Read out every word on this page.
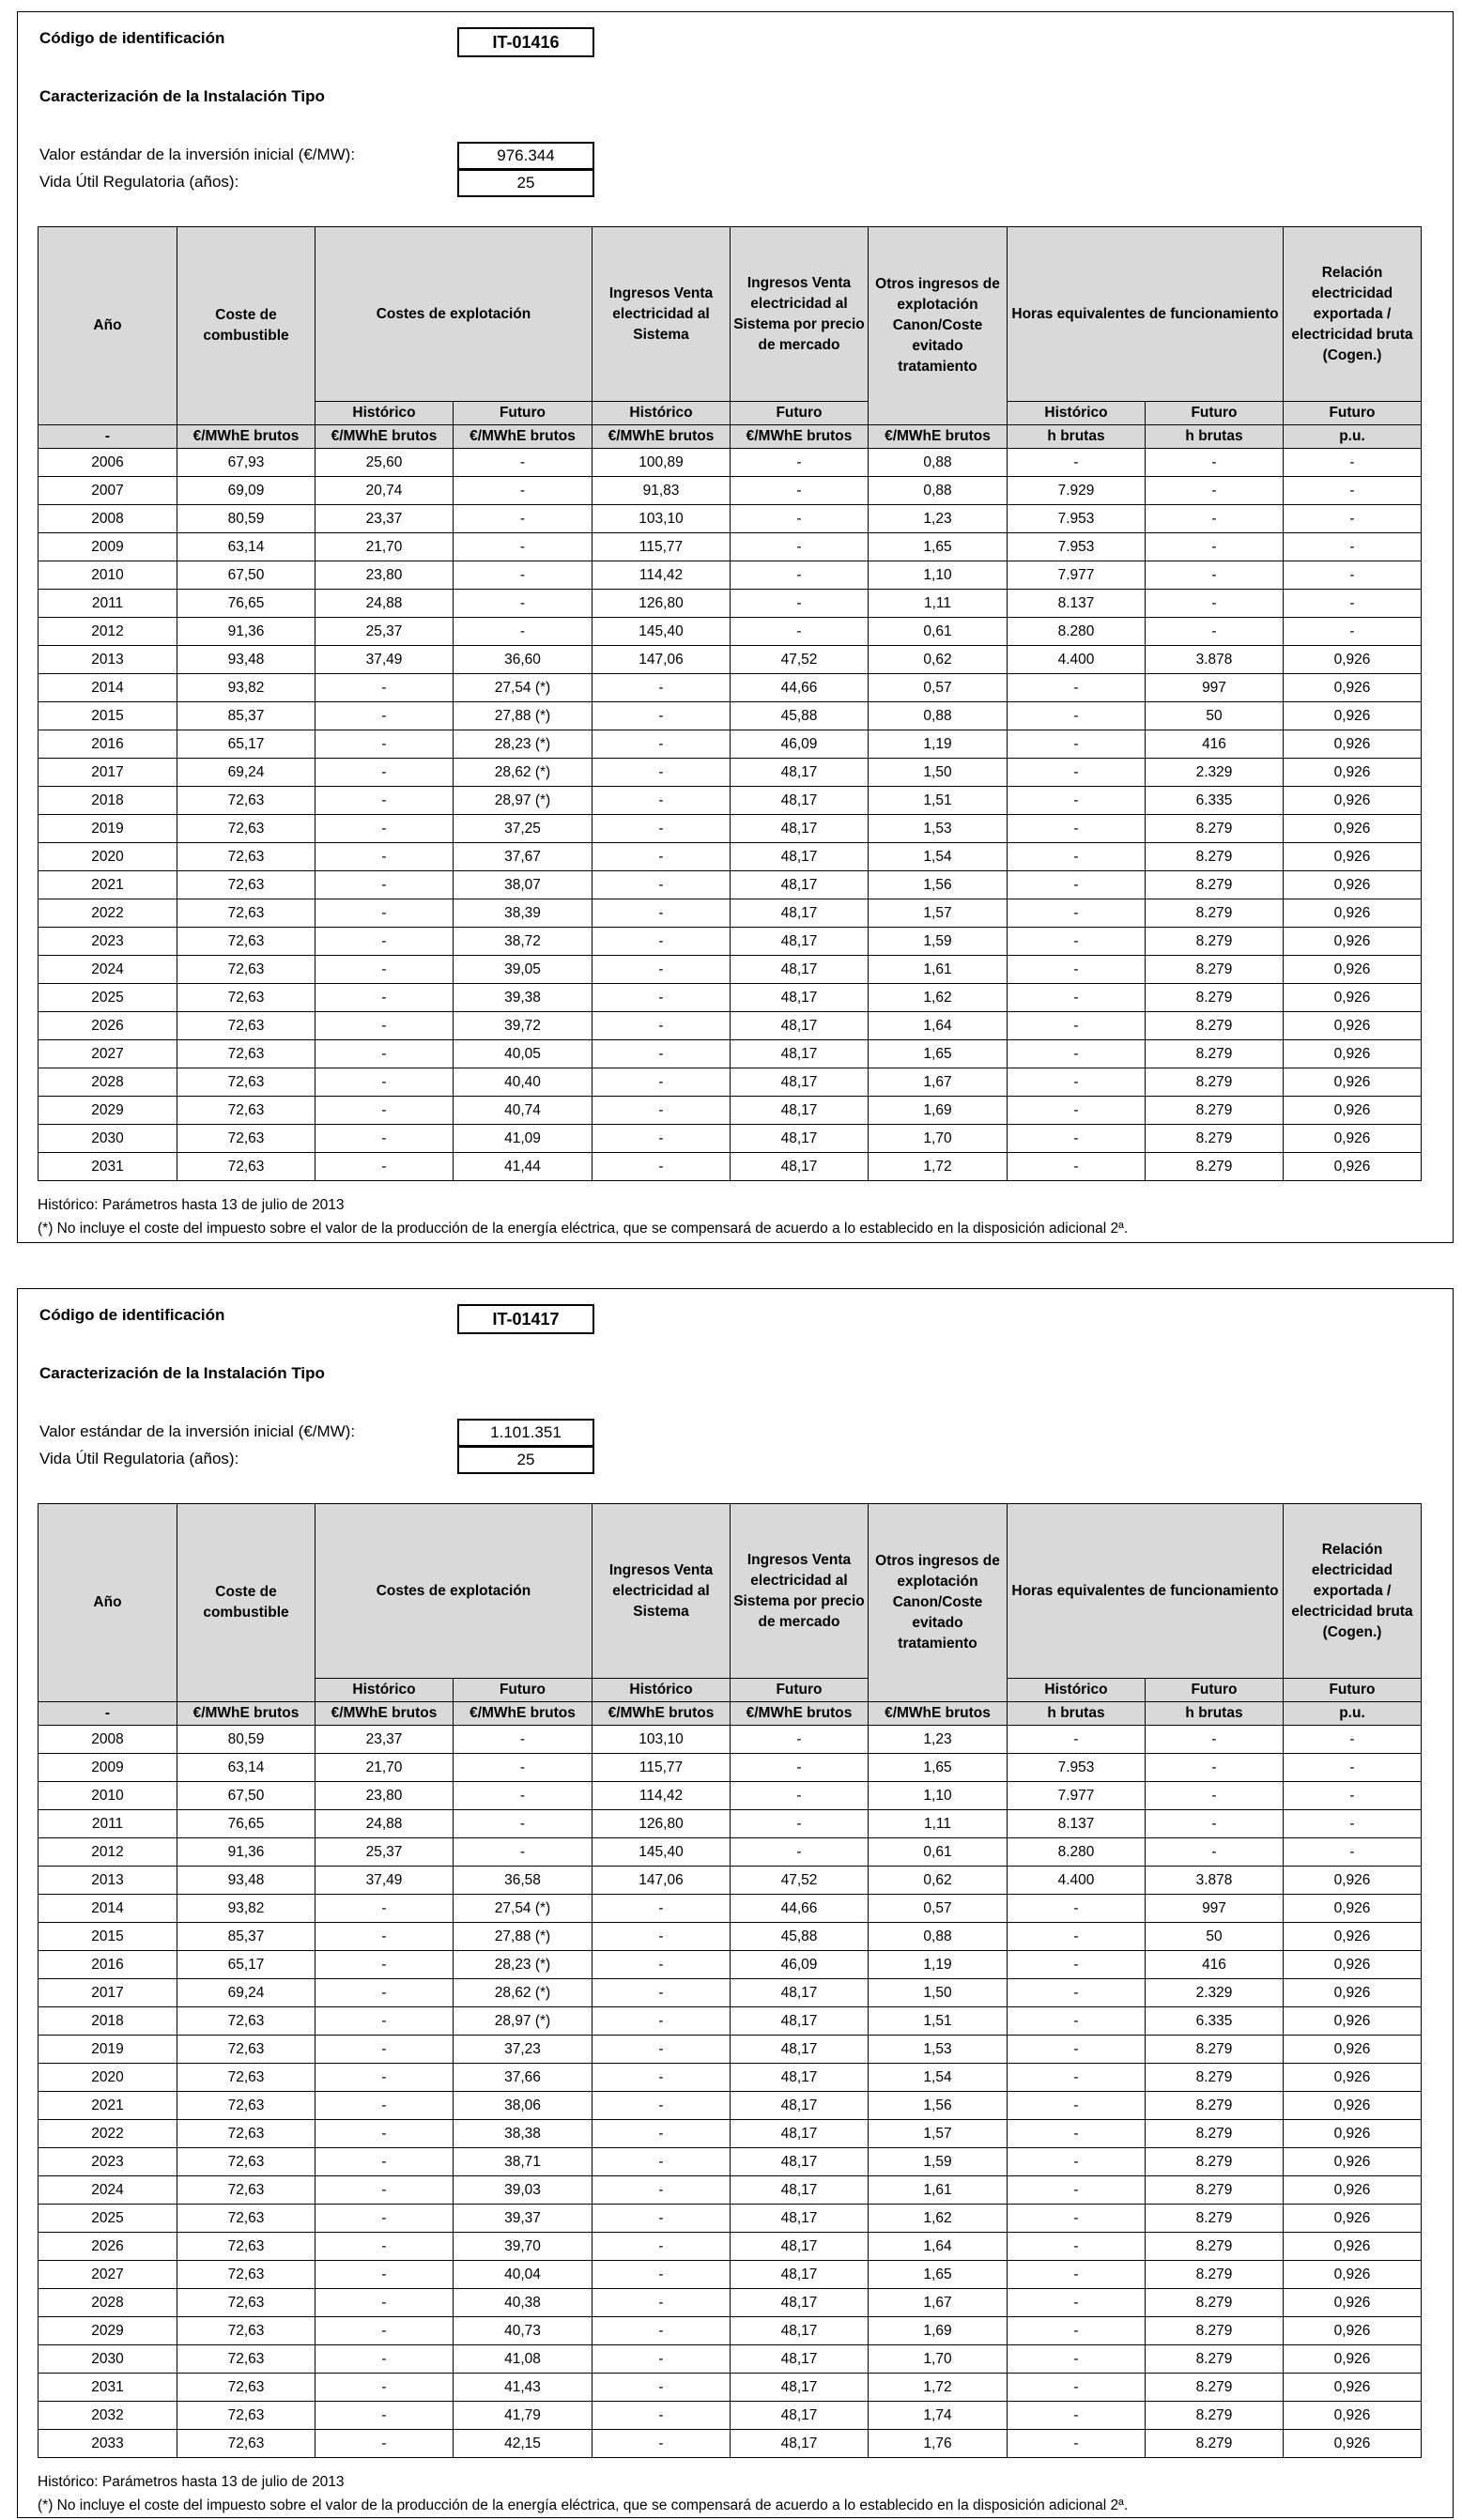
Código de identificación	IT-01416
Caracterización de la Instalación Tipo
Valor estándar de la inversión inicial (€/MW):	976.344
Vida Útil Regulatoria (años):	25
Año	Coste de combustible	Costes de explotación		Ingresos Venta electricidad al Sistema	Ingresos Venta electricidad al Sistema por precio de mercado	Otros ingresos de explotación Canon/Coste evitado tratamiento	Horas equivalentes de funcionamiento		Relación electricidad exportada / electricidad bruta (Cogen.)
		Histórico	Futuro	Histórico	Futuro		Histórico	Futuro	Futuro
-	€/MWhE brutos	€/MWhE brutos	€/MWhE brutos	€/MWhE brutos	€/MWhE brutos	€/MWhE brutos	h brutas	h brutas	p.u.
2006	67,93	25,60	-	100,89	-	0,88	-	-	-
2007	69,09	20,74	-	91,83	-	0,88	7.929	-	-
2008	80,59	23,37	-	103,10	-	1,23	7.953	-	-
2009	63,14	21,70	-	115,77	-	1,65	7.953	-	-
2010	67,50	23,80	-	114,42	-	1,10	7.977	-	-
2011	76,65	24,88	-	126,80	-	1,11	8.137	-	-
2012	91,36	25,37	-	145,40	-	0,61	8.280	-	-
2013	93,48	37,49	36,60	147,06	47,52	0,62	4.400	3.878	0,926
2014	93,82	-	27,54 (*)	-	44,66	0,57	-	997	0,926
2015	85,37	-	27,88 (*)	-	45,88	0,88	-	50	0,926
2016	65,17	-	28,23 (*)	-	46,09	1,19	-	416	0,926
2017	69,24	-	28,62 (*)	-	48,17	1,50	-	2.329	0,926
2018	72,63	-	28,97 (*)	-	48,17	1,51	-	6.335	0,926
2019	72,63	-	37,25	-	48,17	1,53	-	8.279	0,926
2020	72,63	-	37,67	-	48,17	1,54	-	8.279	0,926
2021	72,63	-	38,07	-	48,17	1,56	-	8.279	0,926
2022	72,63	-	38,39	-	48,17	1,57	-	8.279	0,926
2023	72,63	-	38,72	-	48,17	1,59	-	8.279	0,926
2024	72,63	-	39,05	-	48,17	1,61	-	8.279	0,926
2025	72,63	-	39,38	-	48,17	1,62	-	8.279	0,926
2026	72,63	-	39,72	-	48,17	1,64	-	8.279	0,926
2027	72,63	-	40,05	-	48,17	1,65	-	8.279	0,926
2028	72,63	-	40,40	-	48,17	1,67	-	8.279	0,926
2029	72,63	-	40,74	-	48,17	1,69	-	8.279	0,926
2030	72,63	-	41,09	-	48,17	1,70	-	8.279	0,926
2031	72,63	-	41,44	-	48,17	1,72	-	8.279	0,926
Histórico: Parámetros hasta 13 de julio de 2013
(*) No incluye el coste del impuesto sobre el valor de la producción de la energía eléctrica, que se compensará de acuerdo a lo establecido en la disposición adicional 2ª.
Código de identificación	IT-01417
Caracterización de la Instalación Tipo
Valor estándar de la inversión inicial (€/MW):	1.101.351
Vida Útil Regulatoria (años):	25
Año	Coste de combustible	Costes de explotación		Ingresos Venta electricidad al Sistema	Ingresos Venta electricidad al Sistema por precio de mercado	Otros ingresos de explotación Canon/Coste evitado tratamiento	Horas equivalentes de funcionamiento		Relación electricidad exportada / electricidad bruta (Cogen.)
		Histórico	Futuro	Histórico	Futuro		Histórico	Futuro	Futuro
-	€/MWhE brutos	€/MWhE brutos	€/MWhE brutos	€/MWhE brutos	€/MWhE brutos	€/MWhE brutos	h brutas	h brutas	p.u.
2008	80,59	23,37	-	103,10	-	1,23	-	-	-
2009	63,14	21,70	-	115,77	-	1,65	7.953	-	-
2010	67,50	23,80	-	114,42	-	1,10	7.977	-	-
2011	76,65	24,88	-	126,80	-	1,11	8.137	-	-
2012	91,36	25,37	-	145,40	-	0,61	8.280	-	-
2013	93,48	37,49	36,58	147,06	47,52	0,62	4.400	3.878	0,926
2014	93,82	-	27,54 (*)	-	44,66	0,57	-	997	0,926
2015	85,37	-	27,88 (*)	-	45,88	0,88	-	50	0,926
2016	65,17	-	28,23 (*)	-	46,09	1,19	-	416	0,926
2017	69,24	-	28,62 (*)	-	48,17	1,50	-	2.329	0,926
2018	72,63	-	28,97 (*)	-	48,17	1,51	-	6.335	0,926
2019	72,63	-	37,23	-	48,17	1,53	-	8.279	0,926
2020	72,63	-	37,66	-	48,17	1,54	-	8.279	0,926
2021	72,63	-	38,06	-	48,17	1,56	-	8.279	0,926
2022	72,63	-	38,38	-	48,17	1,57	-	8.279	0,926
2023	72,63	-	38,71	-	48,17	1,59	-	8.279	0,926
2024	72,63	-	39,03	-	48,17	1,61	-	8.279	0,926
2025	72,63	-	39,37	-	48,17	1,62	-	8.279	0,926
2026	72,63	-	39,70	-	48,17	1,64	-	8.279	0,926
2027	72,63	-	40,04	-	48,17	1,65	-	8.279	0,926
2028	72,63	-	40,38	-	48,17	1,67	-	8.279	0,926
2029	72,63	-	40,73	-	48,17	1,69	-	8.279	0,926
2030	72,63	-	41,08	-	48,17	1,70	-	8.279	0,926
2031	72,63	-	41,43	-	48,17	1,72	-	8.279	0,926
2032	72,63	-	41,79	-	48,17	1,74	-	8.279	0,926
2033	72,63	-	42,15	-	48,17	1,76	-	8.279	0,926
Histórico: Parámetros hasta 13 de julio de 2013
(*) No incluye el coste del impuesto sobre el valor de la producción de la energía eléctrica, que se compensará de acuerdo a lo establecido en la disposición adicional 2ª.
